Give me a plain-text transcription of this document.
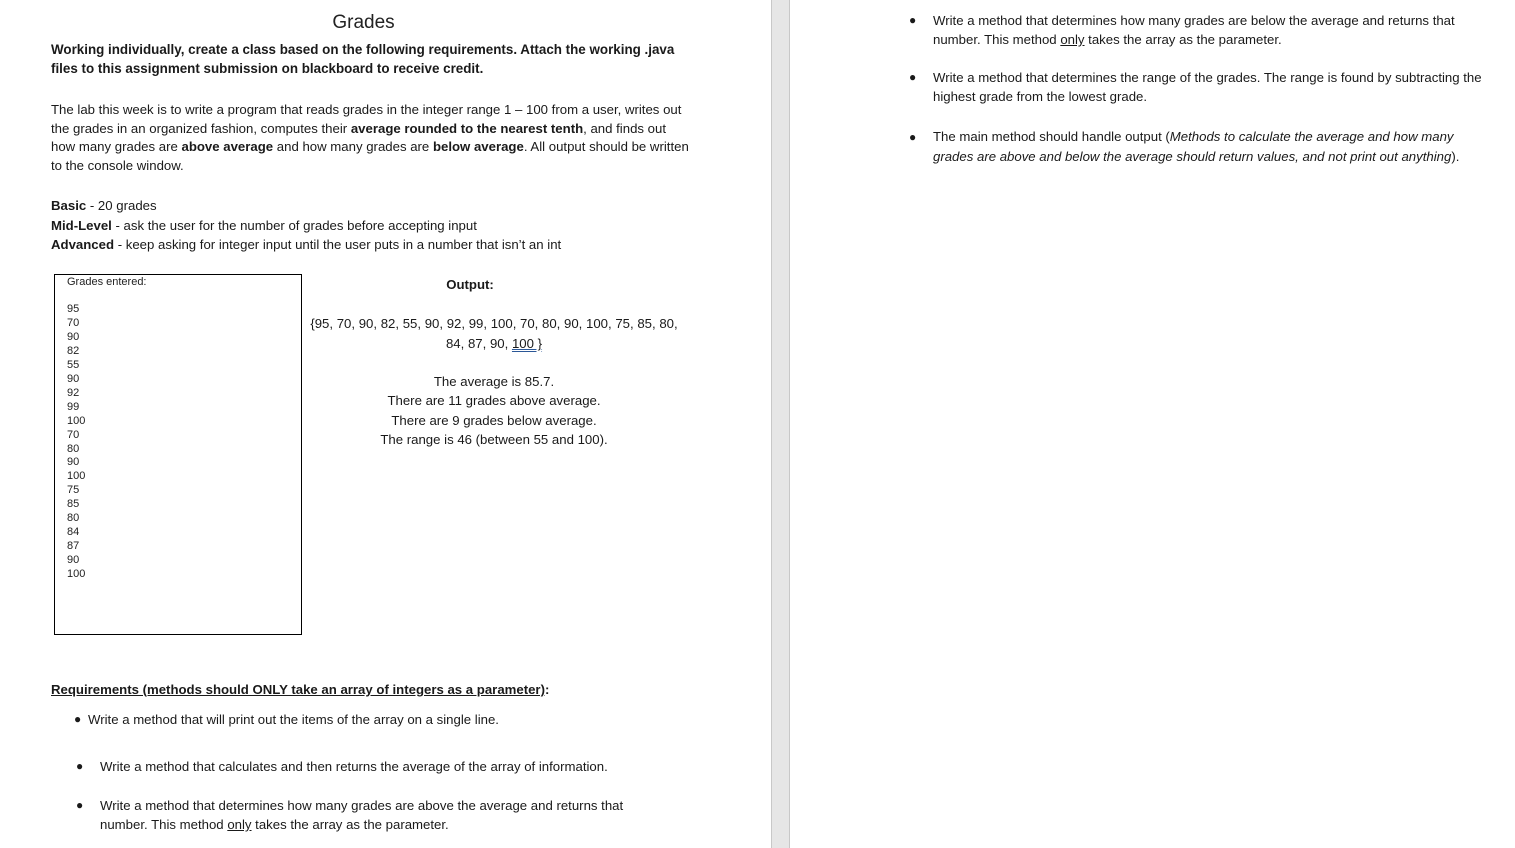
Grades
Working individually, create a class based on the following requirements. Attach the working .java files to this assignment submission on blackboard to receive credit.
The lab this week is to write a program that reads grades in the integer range 1 – 100 from a user, writes out the grades in an organized fashion, computes their average rounded to the nearest tenth, and finds out how many grades are above average and how many grades are below average. All output should be written to the console window.
Basic - 20 grades
Mid-Level - ask the user for the number of grades before accepting input
Advanced - keep asking for integer input until the user puts in a number that isn’t an int
Grades entered:
95
70
90
82
55
90
92
99
100
70
80
90
100
75
85
80
84
87
90
100
Output:
{95, 70, 90, 82, 55, 90, 92, 99, 100, 70, 80, 90, 100, 75, 85, 80, 84, 87, 90, 100 }
The average is 85.7.
There are 11 grades above average.
There are 9 grades below average.
The range is 46 (between 55 and 100).
Requirements (methods should ONLY take an array of integers as a parameter):
● Write a method that will print out the items of the array on a single line.
● Write a method that calculates and then returns the average of the array of information.
● Write a method that determines how many grades are above the average and returns that number. This method only takes the array as the parameter.
● Write a method that determines how many grades are below the average and returns that number. This method only takes the array as the parameter.
● Write a method that determines the range of the grades. The range is found by subtracting the highest grade from the lowest grade.
● The main method should handle output (Methods to calculate the average and how many grades are above and below the average should return values, and not print out anything).
